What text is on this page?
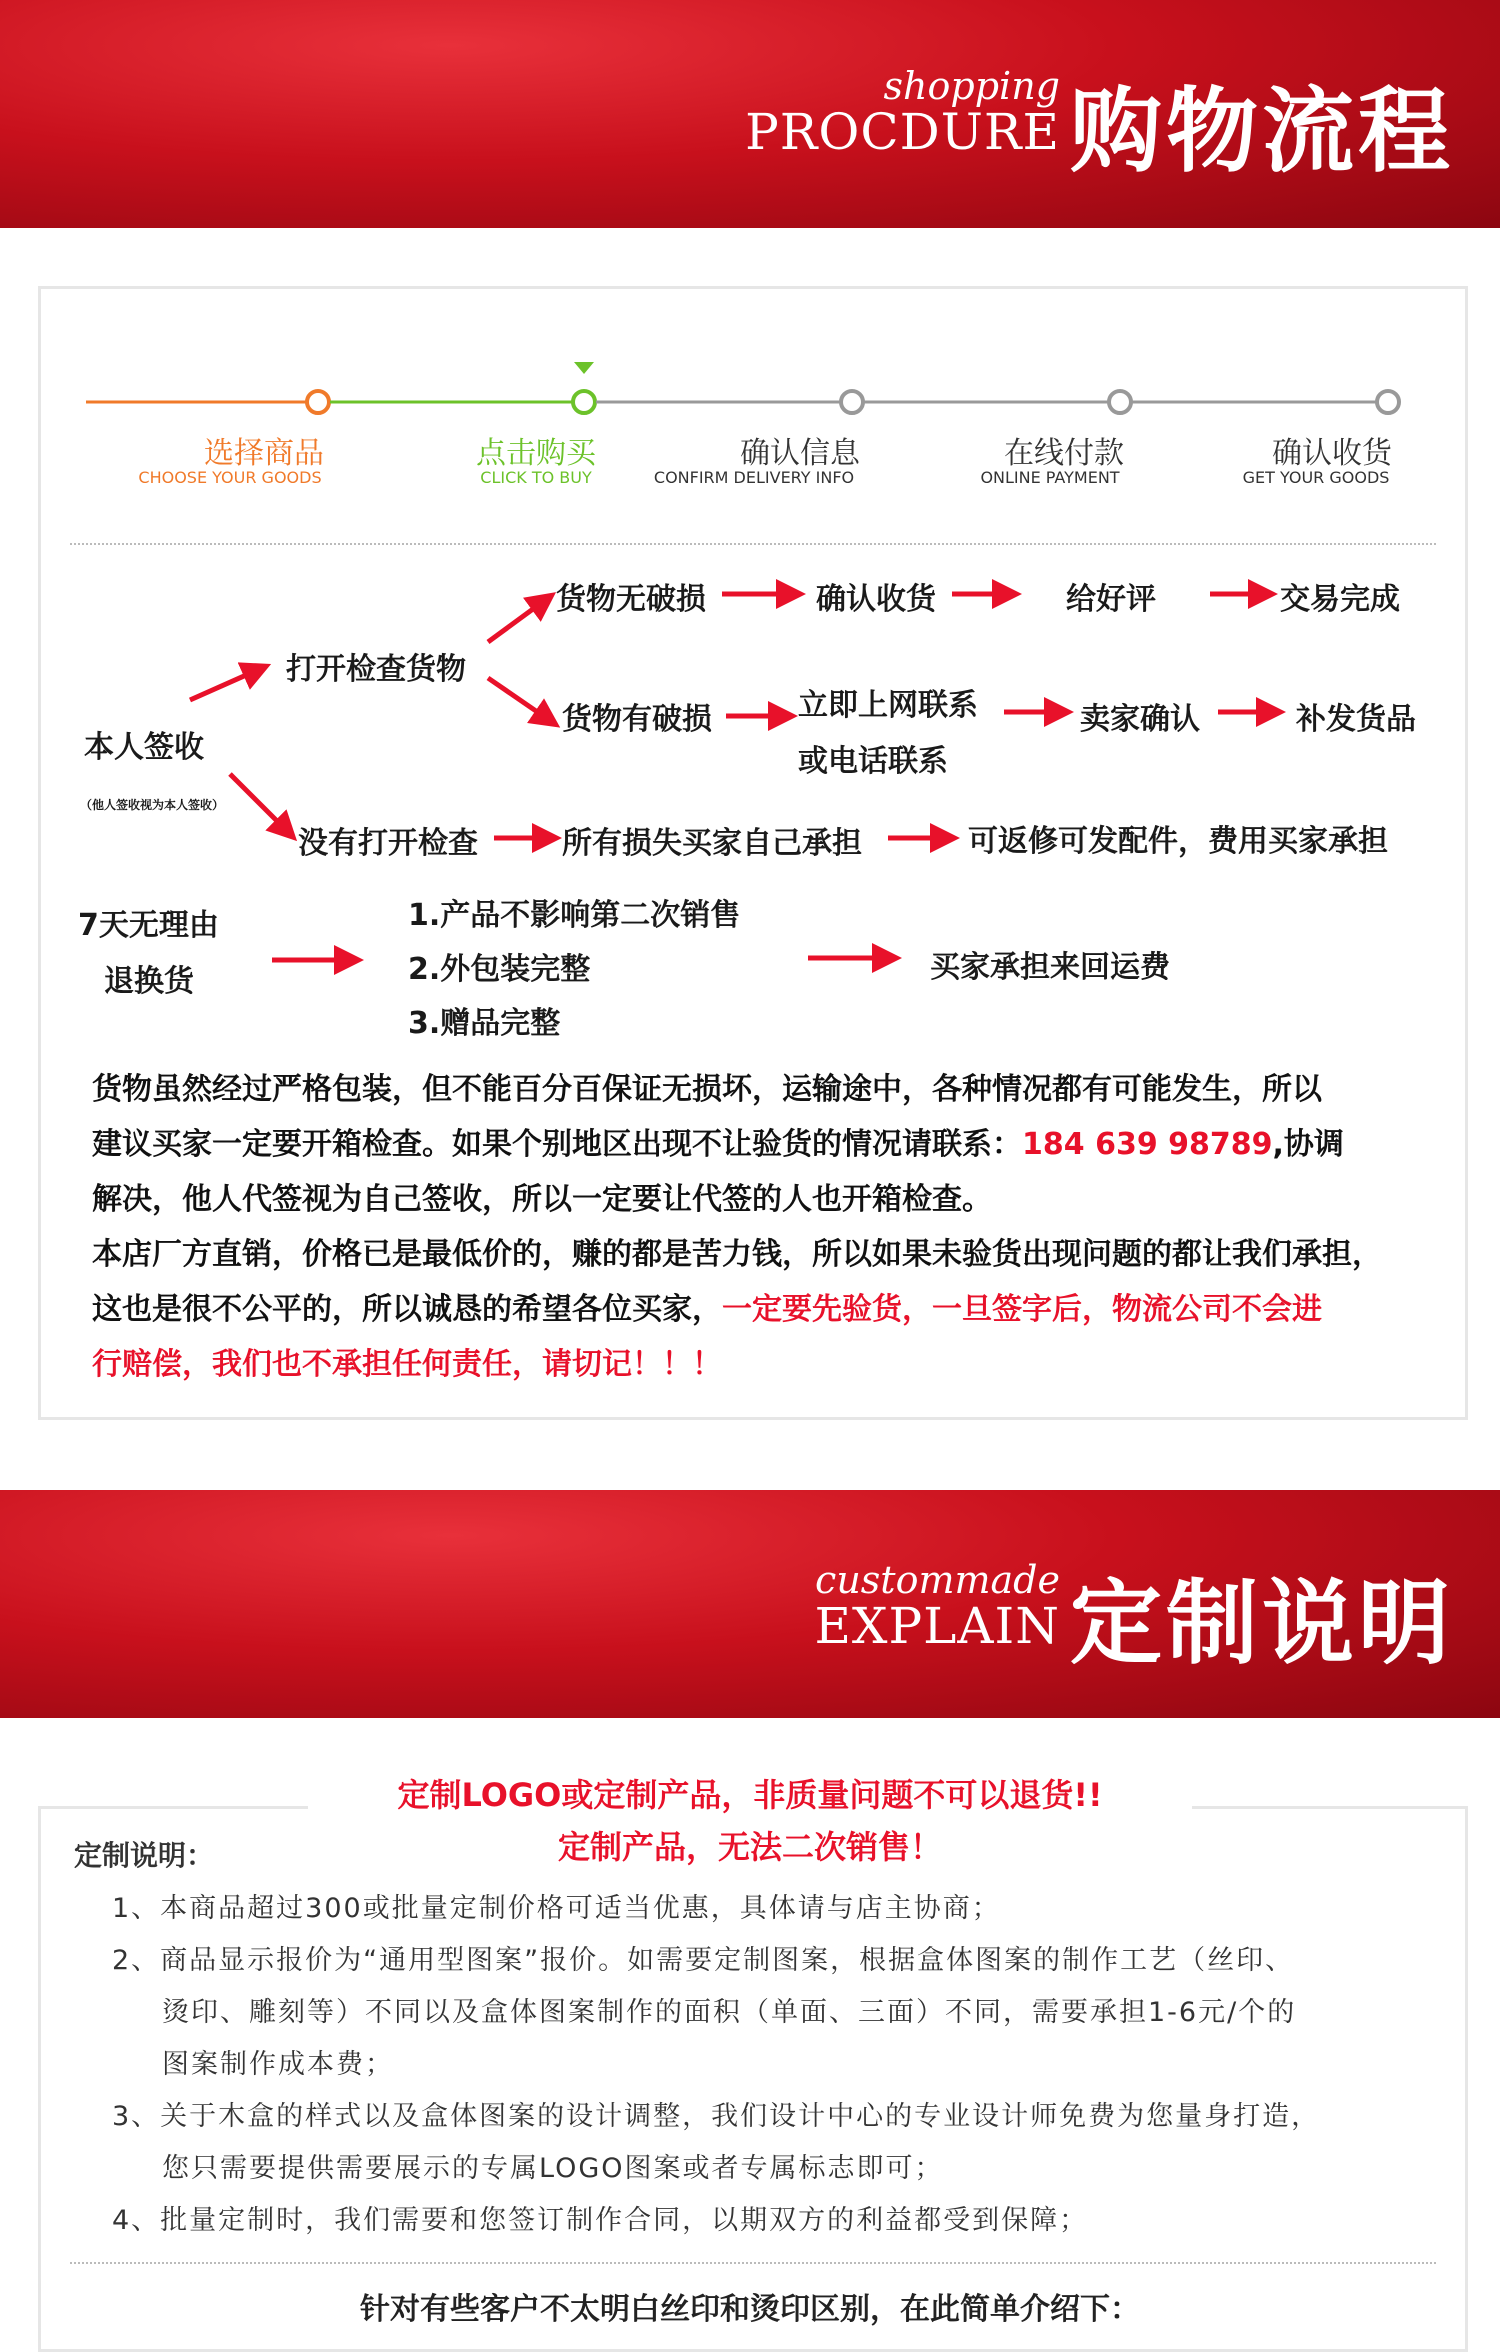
shopping
PROCDURE 购物流程
选择商品
CHOOSE YOUR GOODS
点击购买
CLICK TO BUY
确认信息
CONFIRM DELIVERY INFO
在线付款
ONLINE PAYMENT
确认收货
GET YOUR GOODS
本人签收
（他人签收视为本人签收）
打开检查货物
货物无破损	确认收货	给好评	交易完成
货物有破损	立即上网联系
或电话联系
卖家确认	补发货品
没有打开检查	所有损失买家自己承担	可返修可发配件，费用买家承担
7天无理由
退换货
1.产品不影响第二次销售
2.外包装完整
3.赠品完整
买家承担来回运费
货物虽然经过严格包装，但不能百分百保证无损坏，运输途中，各种情况都有可能发生，所以
建议买家一定要开箱检查。如果个别地区出现不让验货的情况请联系：184 639 98789,协调
解决，他人代签视为自己签收，所以一定要让代签的人也开箱检查。
本店厂方直销，价格已是最低价的，赚的都是苦力钱，所以如果未验货出现问题的都让我们承担，
这也是很不公平的，所以诚恳的希望各位买家，一定要先验货，一旦签字后，物流公司不会进
行赔偿，我们也不承担任何责任，请切记！！！
custommade
EXPLAIN 定制说明
定制LOGO或定制产品，非质量问题不可以退货!!
定制产品，无法二次销售！
定制说明：
1、本商品超过300或批量定制价格可适当优惠，具体请与店主协商；
2、商品显示报价为“通用型图案”报价。如需要定制图案，根据盒体图案的制作工艺（丝印、
烫印、雕刻等）不同以及盒体图案制作的面积（单面、三面）不同，需要承担1-6元/个的
图案制作成本费；
3、关于木盒的样式以及盒体图案的设计调整，我们设计中心的专业设计师免费为您量身打造，
您只需要提供需要展示的专属LOGO图案或者专属标志即可；
4、批量定制时，我们需要和您签订制作合同，以期双方的利益都受到保障；
针对有些客户不太明白丝印和烫印区别，在此简单介绍下：
